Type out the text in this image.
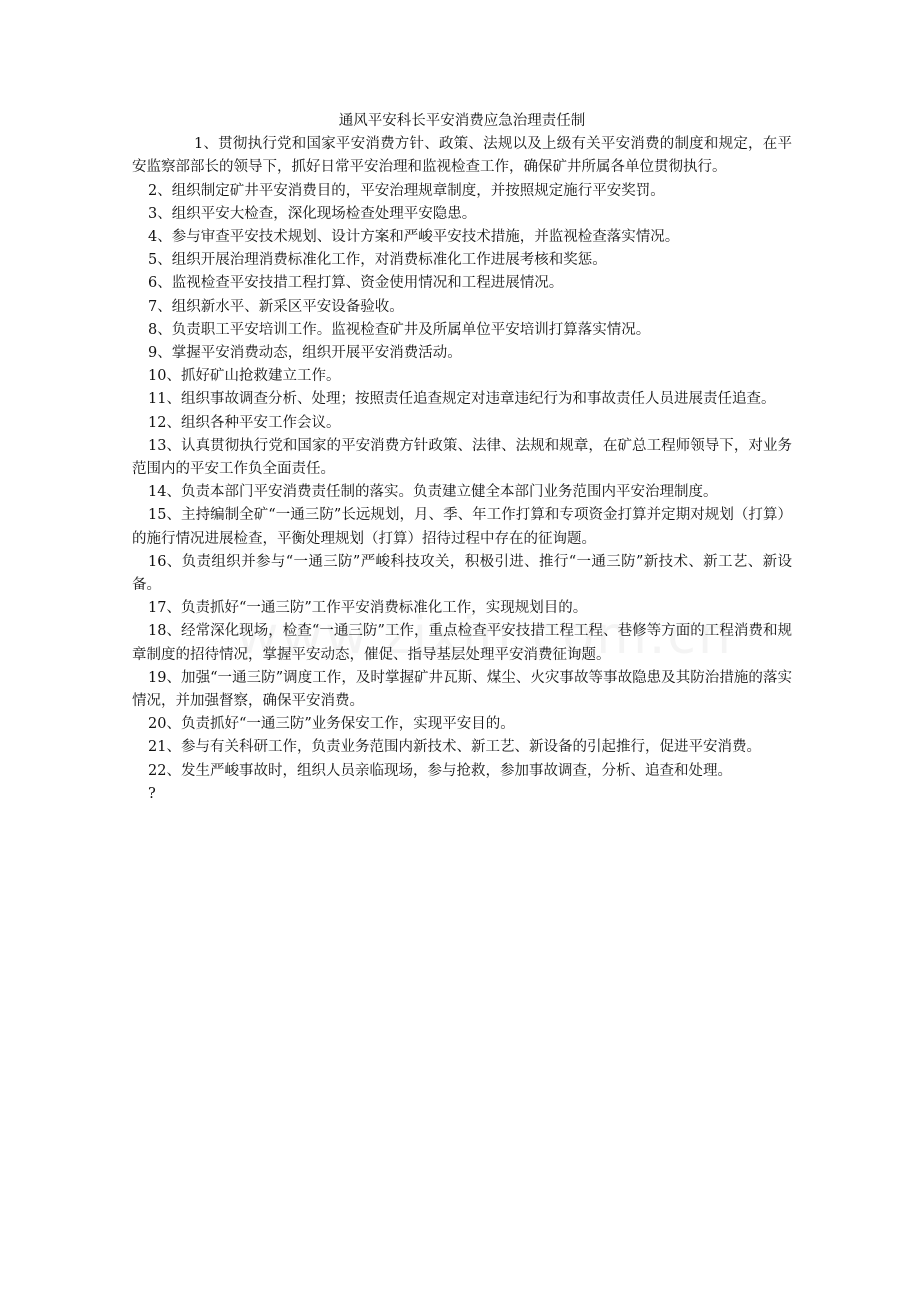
通风平安科长平安消费应急治理责任制

1、贯彻执行党和国家平安消费方针、政策、法规以及上级有关平安消费的制度和规定，在平安监察部部长的领导下，抓好日常平安治理和监视检查工作，确保矿井所属各单位贯彻执行。

2、组织制定矿井平安消费目的，平安治理规章制度，并按照规定施行平安奖罚。

3、组织平安大检查，深化现场检查处理平安隐患。

4、参与审查平安技术规划、设计方案和严峻平安技术措施，并监视检查落实情况。

5、组织开展治理消费标准化工作，对消费标准化工作进展考核和奖惩。

6、监视检查平安技措工程打算、资金使用情况和工程进展情况。

7、组织新水平、新采区平安设备验收。

8、负责职工平安培训工作。监视检查矿井及所属单位平安培训打算落实情况。

9、掌握平安消费动态，组织开展平安消费活动。

10、抓好矿山抢救建立工作。

11、组织事故调查分析、处理；按照责任追查规定对违章违纪行为和事故责任人员进展责任追查。

12、组织各种平安工作会议。

13、认真贯彻执行党和国家的平安消费方针政策、法律、法规和规章，在矿总工程师领导下，对业务范围内的平安工作负全面责任。

14、负责本部门平安消费责任制的落实。负责建立健全本部门业务范围内平安治理制度。

15、主持编制全矿“一通三防”长远规划，月、季、年工作打算和专项资金打算并定期对规划（打算）的施行情况进展检查，平衡处理规划（打算）招待过程中存在的征询题。

16、负责组织并参与“一通三防”严峻科技攻关，积极引进、推行“一通三防”新技术、新工艺、新设备。

17、负责抓好“一通三防”工作平安消费标准化工作，实现规划目的。

18、经常深化现场，检查“一通三防”工作，重点检查平安技措工程工程、巷修等方面的工程消费和规章制度的招待情况，掌握平安动态，催促、指导基层处理平安消费征询题。

19、加强“一通三防”调度工作，及时掌握矿井瓦斯、煤尘、火灾事故等事故隐患及其防治措施的落实情况，并加强督察，确保平安消费。

20、负责抓好“一通三防”业务保安工作，实现平安目的。

21、参与有关科研工作，负责业务范围内新技术、新工艺、新设备的引起推行，促进平安消费。

22、发生严峻事故时，组织人员亲临现场，参与抢救，参加事故调查，分析、追查和处理。

?
